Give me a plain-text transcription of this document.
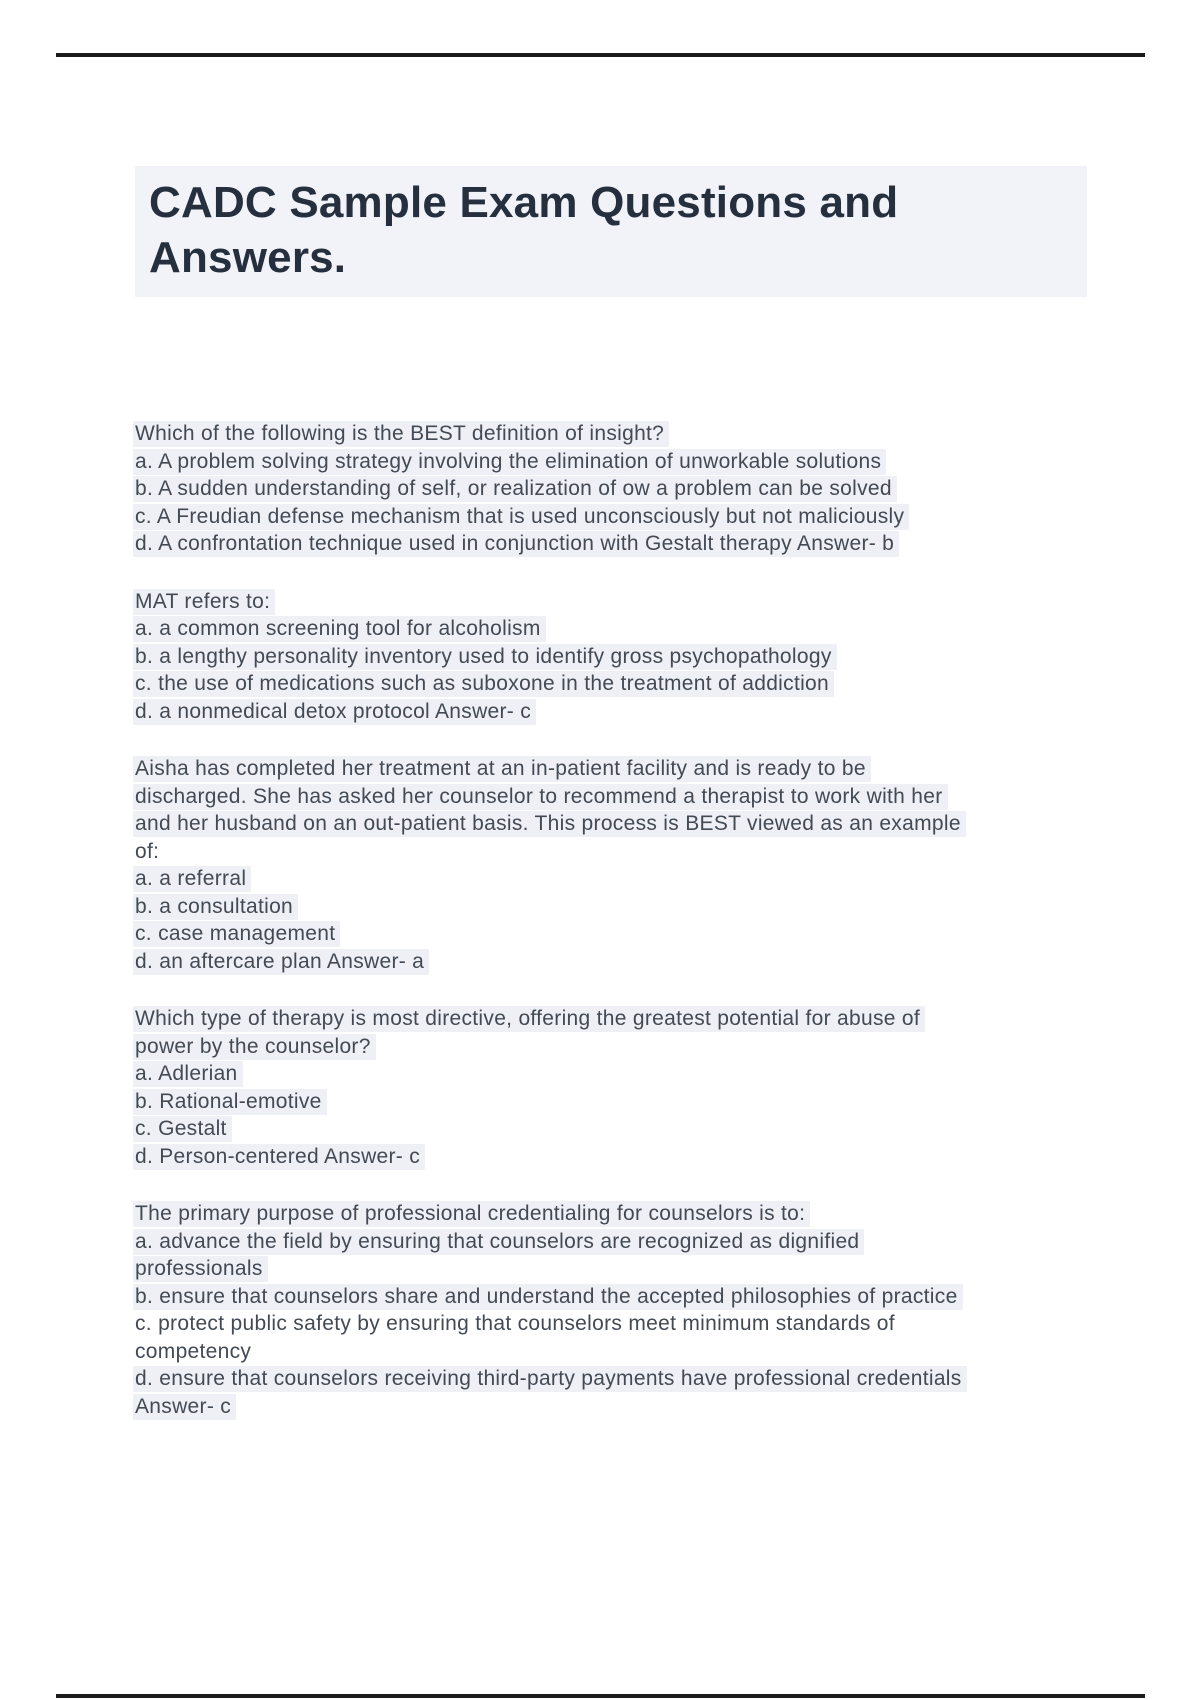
CADC Sample Exam Questions and
Answers.
Which of the following is the BEST definition of insight?
a. A problem solving strategy involving the elimination of unworkable solutions
b. A sudden understanding of self, or realization of ow a problem can be solved
c. A Freudian defense mechanism that is used unconsciously but not maliciously
d. A confrontation technique used in conjunction with Gestalt therapy Answer- b
MAT refers to:
a. a common screening tool for alcoholism
b. a lengthy personality inventory used to identify gross psychopathology
c. the use of medications such as suboxone in the treatment of addiction
d. a nonmedical detox protocol Answer- c
Aisha has completed her treatment at an in-patient facility and is ready to be
discharged. She has asked her counselor to recommend a therapist to work with her
and her husband on an out-patient basis. This process is BEST viewed as an example
of:
a. a referral
b. a consultation
c. case management
d. an aftercare plan Answer- a
Which type of therapy is most directive, offering the greatest potential for abuse of
power by the counselor?
a. Adlerian
b. Rational-emotive
c. Gestalt
d. Person-centered Answer- c
The primary purpose of professional credentialing for counselors is to:
a. advance the field by ensuring that counselors are recognized as dignified
professionals
b. ensure that counselors share and understand the accepted philosophies of practice
c. protect public safety by ensuring that counselors meet minimum standards of
competency
d. ensure that counselors receiving third-party payments have professional credentials
Answer- c
